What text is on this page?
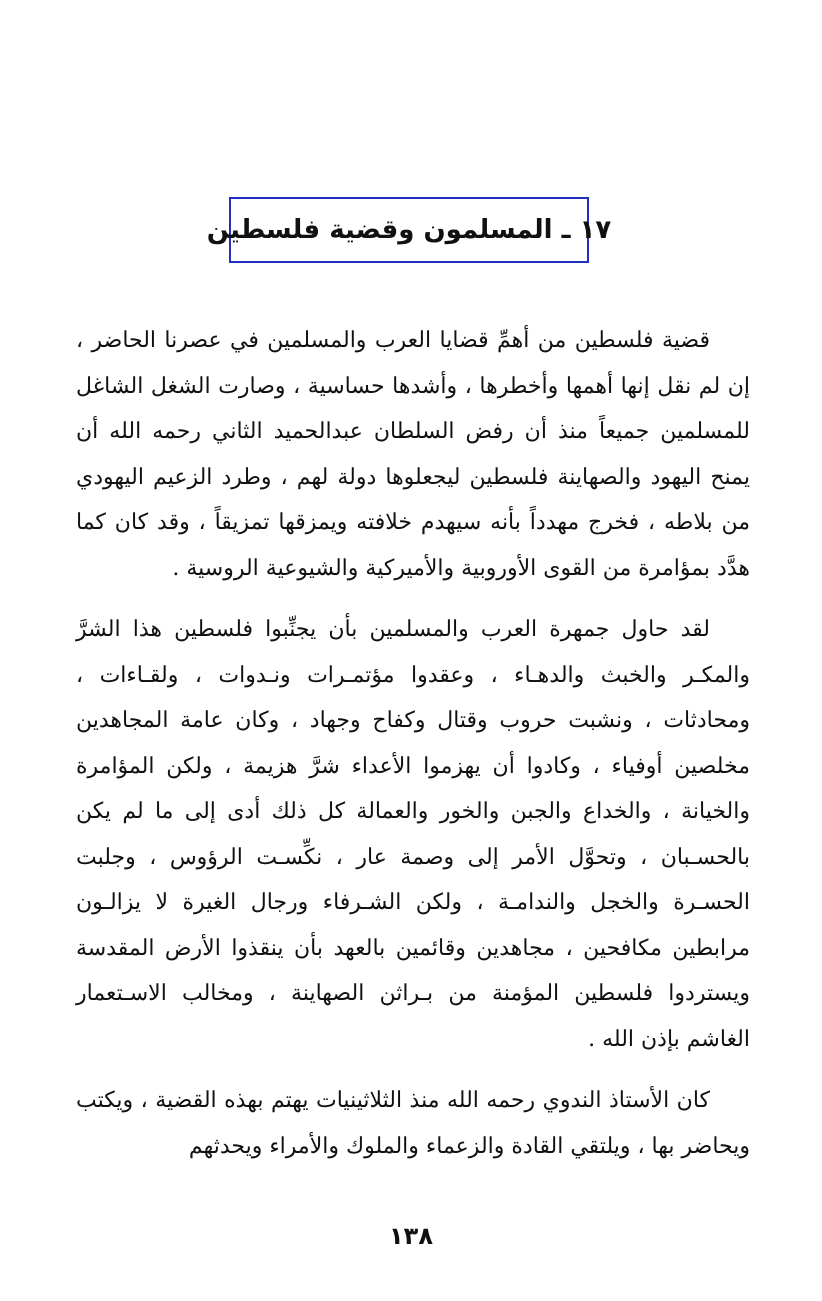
١٧ ـ المسلمون وقضية فلسطين

قضية فلسطين من أهمِّ قضايا العرب والمسلمين في عصرنا الحاضر ، إن لم نقل إنها أهمها وأخطرها ، وأشدها حساسية ، وصارت الشغل الشاغل للمسلمين جميعاً منذ أن رفض السلطان عبدالحميد الثاني رحمه الله أن يمنح اليهود والصهاينة فلسطين ليجعلوها دولة لهم ، وطرد الزعيم اليهودي من بلاطه ، فخرج مهدداً بأنه سيهدم خلافته ويمزقها تمزيقاً ، وقد كان كما هدَّد بمؤامرة من القوى الأوروبية والأميركية والشيوعية الروسية .

لقد حاول جمهرة العرب والمسلمين بأن يجنِّبوا فلسطين هذا الشرَّ والمكـر والخبث والدهـاء ، وعقدوا مؤتمـرات ونـدوات ، ولقـاءات ، ومحادثات ، ونشبت حروب وقتال وكفاح وجهاد ، وكان عامة المجاهدين مخلصين أوفياء ، وكادوا أن يهزموا الأعداء شرَّ هزيمة ، ولكن المؤامرة والخيانة ، والخداع والجبن والخور والعمالة كل ذلك أدى إلى ما لم يكن بالحسـبان ، وتحوَّل الأمر إلى وصمة عار ، نكِّسـت الرؤوس ، وجلبت الحسـرة والخجل والندامـة ، ولكن الشـرفاء ورجال الغيرة لا يزالـون مرابطين مكافحين ، مجاهدين وقائمين بالعهد بأن ينقذوا الأرض المقدسة ويستردوا فلسطين المؤمنة من بـراثن الصهاينة ، ومخالب الاسـتعمار الغاشم بإذن الله .

كان الأستاذ الندوي رحمه الله منذ الثلاثينيات يهتم بهذه القضية ، ويكتب ويحاضر بها ، ويلتقي القادة والزعماء والملوك والأمراء ويحدثهم

١٣٨
